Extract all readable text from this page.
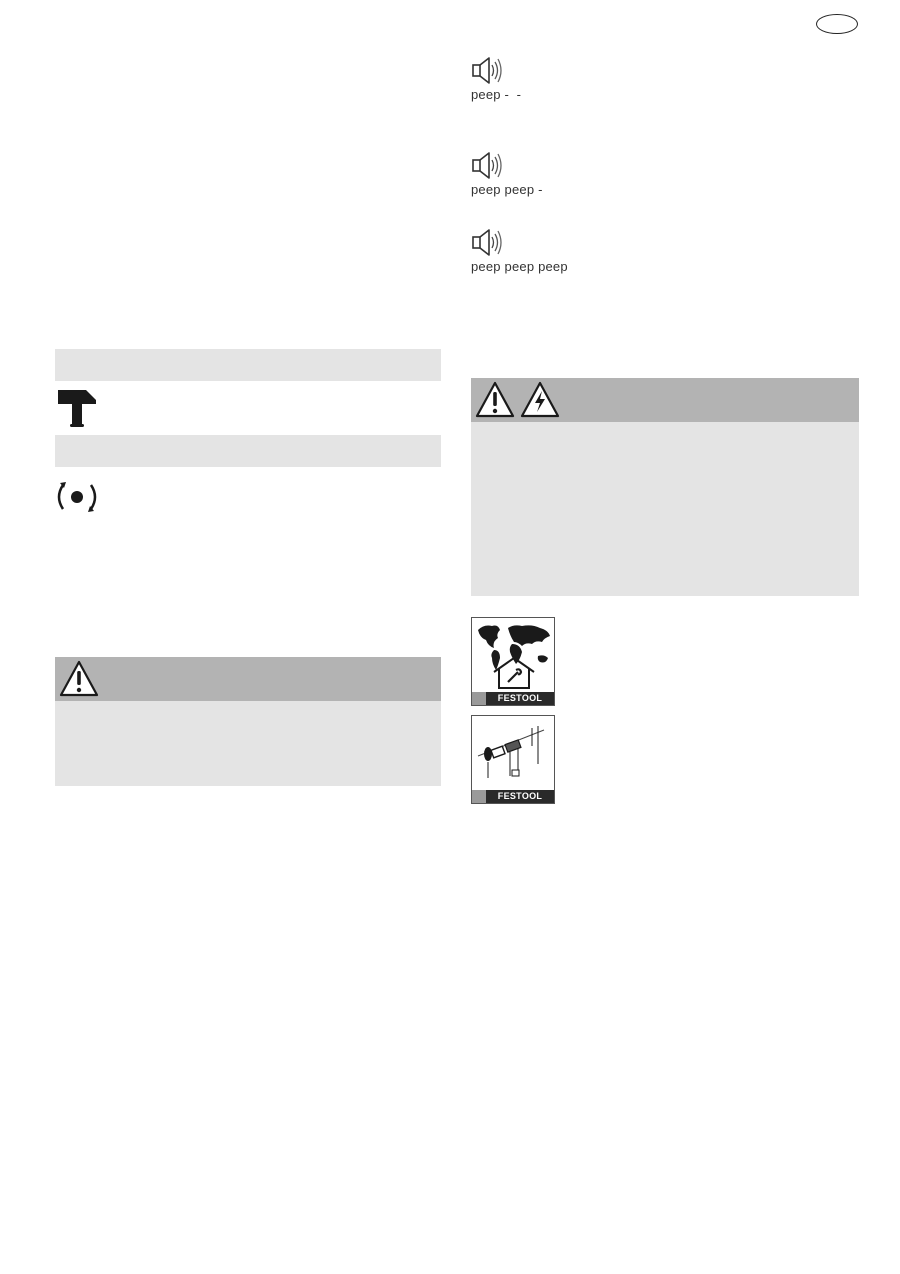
peep -  -
peep peep -
peep peep peep
FESTOOL
FESTOOL
